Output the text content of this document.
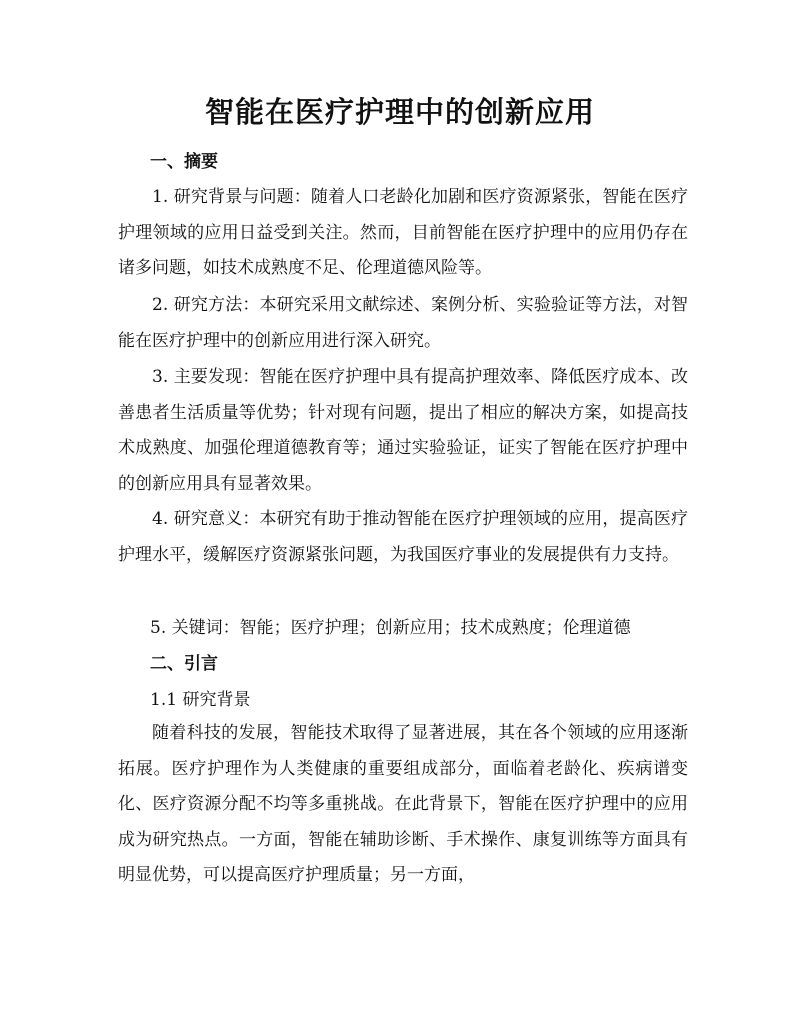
智能在医疗护理中的创新应用
一、摘要
1. 研究背景与问题：随着人口老龄化加剧和医疗资源紧张，智能在医疗护理领域的应用日益受到关注。然而，目前智能在医疗护理中的应用仍存在诸多问题，如技术成熟度不足、伦理道德风险等。
2. 研究方法：本研究采用文献综述、案例分析、实验验证等方法，对智能在医疗护理中的创新应用进行深入研究。
3. 主要发现：智能在医疗护理中具有提高护理效率、降低医疗成本、改善患者生活质量等优势；针对现有问题，提出了相应的解决方案，如提高技术成熟度、加强伦理道德教育等；通过实验验证，证实了智能在医疗护理中的创新应用具有显著效果。
4. 研究意义：本研究有助于推动智能在医疗护理领域的应用，提高医疗护理水平，缓解医疗资源紧张问题，为我国医疗事业的发展提供有力支持。
5. 关键词：智能；医疗护理；创新应用；技术成熟度；伦理道德
二、引言
1.1 研究背景
随着科技的发展，智能技术取得了显著进展，其在各个领域的应用逐渐拓展。医疗护理作为人类健康的重要组成部分，面临着老龄化、疾病谱变化、医疗资源分配不均等多重挑战。在此背景下，智能在医疗护理中的应用成为研究热点。一方面，智能在辅助诊断、手术操作、康复训练等方面具有明显优势，可以提高医疗护理质量；另一方面，
